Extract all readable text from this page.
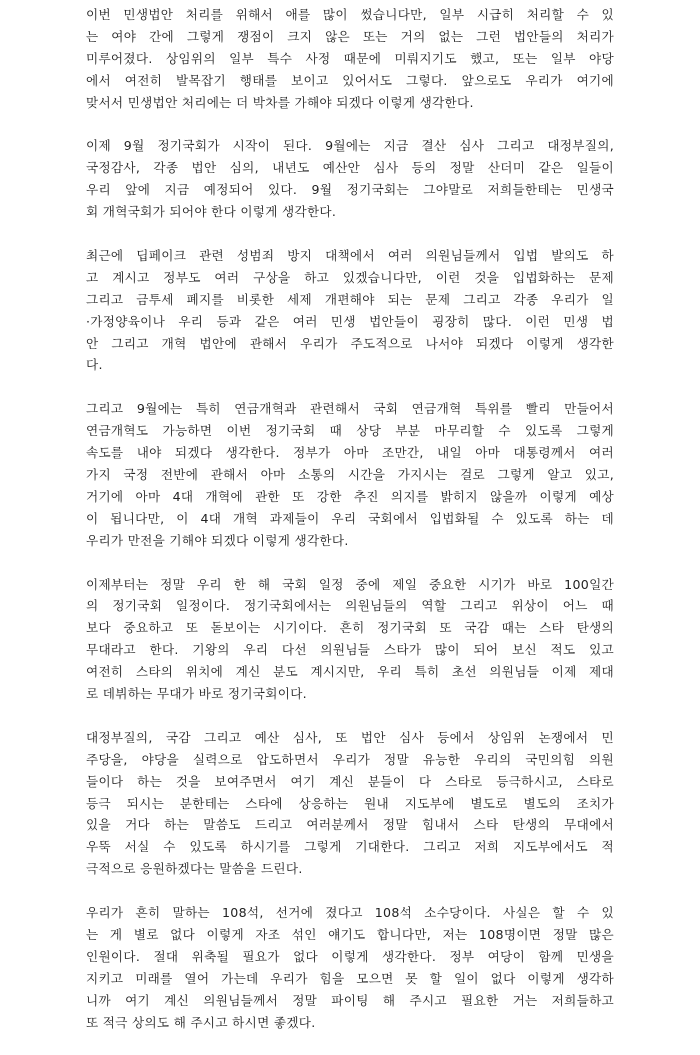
이번 민생법안 처리를 위해서 애를 많이 썼습니다만, 일부 시급히 처리할 수 있
는 여야 간에 그렇게 쟁점이 크지 않은 또는 거의 없는 그런 법안들의 처리가
미루어졌다. 상임위의 일부 특수 사정 때문에 미뤄지기도 했고, 또는 일부 야당
에서 여전히 발목잡기 행태를 보이고 있어서도 그렇다. 앞으로도 우리가 여기에
맞서서 민생법안 처리에는 더 박차를 가해야 되겠다 이렇게 생각한다.
이제 9월 정기국회가 시작이 된다. 9월에는 지금 결산 심사 그리고 대정부질의,
국정감사, 각종 법안 심의, 내년도 예산안 심사 등의 정말 산더미 같은 일들이
우리 앞에 지금 예정되어 있다. 9월 정기국회는 그야말로 저희들한테는 민생국
회 개혁국회가 되어야 한다 이렇게 생각한다.
최근에 딥페이크 관련 성범죄 방지 대책에서 여러 의원님들께서 입법 발의도 하
고 계시고 정부도 여러 구상을 하고 있겠습니다만, 이런 것을 입법화하는 문제
그리고 금투세 폐지를 비롯한 세제 개편해야 되는 문제 그리고 각종 우리가 일
·가정양육이나 우리 등과 같은 여러 민생 법안들이 굉장히 많다. 이런 민생 법
안 그리고 개혁 법안에 관해서 우리가 주도적으로 나서야 되겠다 이렇게 생각한
다.
그리고 9월에는 특히 연금개혁과 관련해서 국회 연금개혁 특위를 빨리 만들어서
연금개혁도 가능하면 이번 정기국회 때 상당 부분 마무리할 수 있도록 그렇게
속도를 내야 되겠다 생각한다. 정부가 아마 조만간, 내일 아마 대통령께서 여러
가지 국정 전반에 관해서 아마 소통의 시간을 가지시는 걸로 그렇게 알고 있고,
거기에 아마 4대 개혁에 관한 또 강한 추진 의지를 밝히지 않을까 이렇게 예상
이 됩니다만, 이 4대 개혁 과제들이 우리 국회에서 입법화될 수 있도록 하는 데
우리가 만전을 기해야 되겠다 이렇게 생각한다.
이제부터는 정말 우리 한 해 국회 일정 중에 제일 중요한 시기가 바로 100일간
의 정기국회 일정이다. 정기국회에서는 의원님들의 역할 그리고 위상이 어느 때
보다 중요하고 또 돋보이는 시기이다. 흔히 정기국회 또 국감 때는 스타 탄생의
무대라고 한다. 기왕의 우리 다선 의원님들 스타가 많이 되어 보신 적도 있고
여전히 스타의 위치에 계신 분도 계시지만, 우리 특히 초선 의원님들 이제 제대
로 데뷔하는 무대가 바로 정기국회이다.
대정부질의, 국감 그리고 예산 심사, 또 법안 심사 등에서 상임위 논쟁에서 민
주당을, 야당을 실력으로 압도하면서 우리가 정말 유능한 우리의 국민의힘 의원
들이다 하는 것을 보여주면서 여기 계신 분들이 다 스타로 등극하시고, 스타로
등극 되시는 분한테는 스타에 상응하는 원내 지도부에 별도로 별도의 조치가
있을 거다 하는 말씀도 드리고 여러분께서 정말 힘내서 스타 탄생의 무대에서
우뚝 서실 수 있도록 하시기를 그렇게 기대한다. 그리고 저희 지도부에서도 적
극적으로 응원하겠다는 말씀을 드린다.
우리가 흔히 말하는 108석, 선거에 졌다고 108석 소수당이다. 사실은 할 수 있
는 게 별로 없다 이렇게 자조 섞인 얘기도 합니다만, 저는 108명이면 정말 많은
인원이다. 절대 위축될 필요가 없다 이렇게 생각한다. 정부 여당이 함께 민생을
지키고 미래를 열어 가는데 우리가 힘을 모으면 못 할 일이 없다 이렇게 생각하
니까 여기 계신 의원님들께서 정말 파이팅 해 주시고 필요한 거는 저희들하고
또 적극 상의도 해 주시고 하시면 좋겠다.
